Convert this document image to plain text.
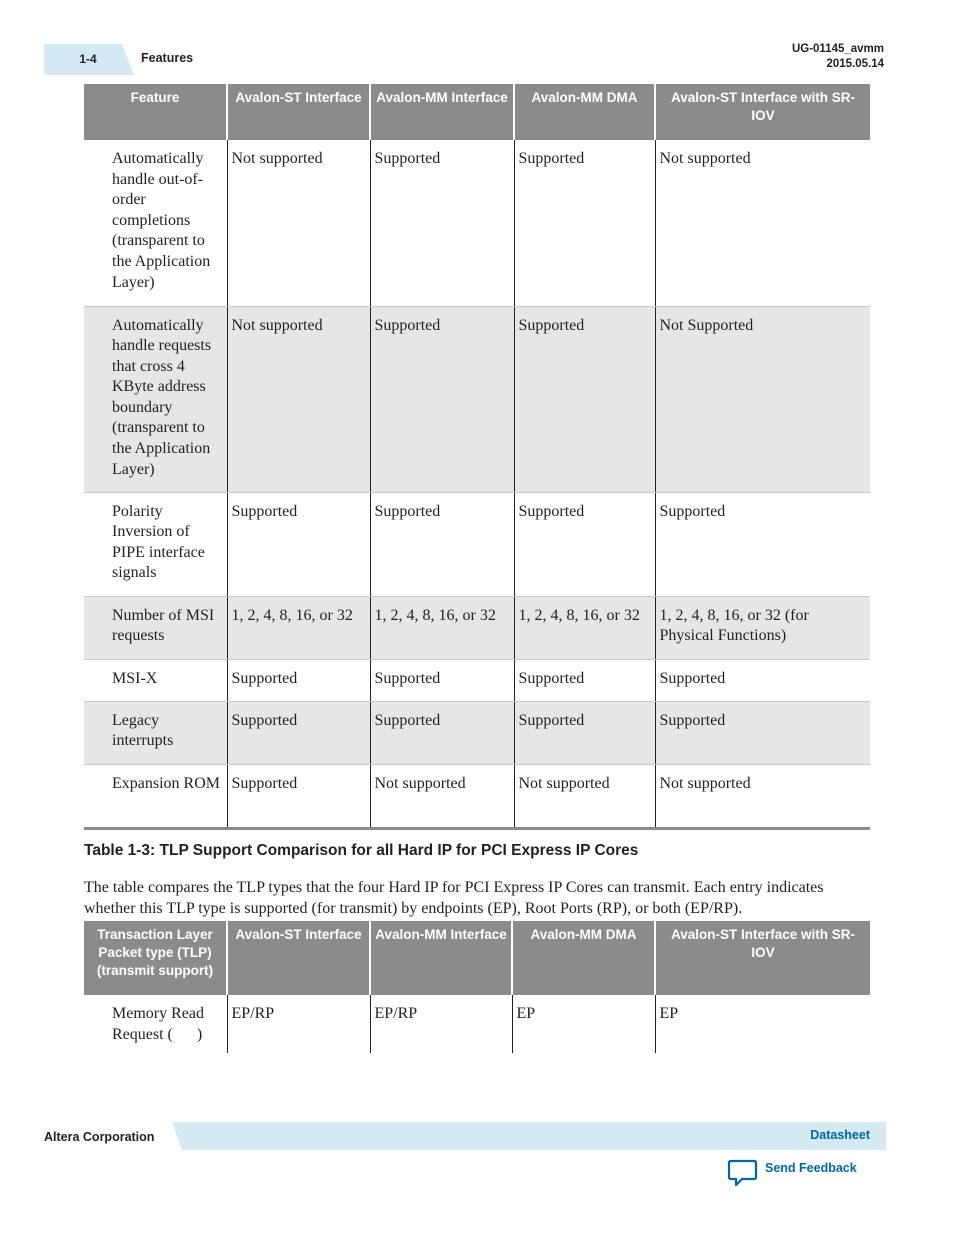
1-4	Features
UG-01145_avmm
2015.05.14
Feature	Avalon-ST Interface	Avalon-MM Interface	Avalon-MM DMA	Avalon-ST Interface with SR-IOV
Automatically handle out-of-order completions (transparent to the Application Layer)	Not supported	Supported	Supported	Not supported
Automatically handle requests that cross 4 KByte address boundary (transparent to the Application Layer)	Not supported	Supported	Supported	Not Supported
Polarity Inversion of PIPE interface signals	Supported	Supported	Supported	Supported
Number of MSI requests	1, 2, 4, 8, 16, or 32	1, 2, 4, 8, 16, or 32	1, 2, 4, 8, 16, or 32	1, 2, 4, 8, 16, or 32 (for Physical Functions)
MSI-X	Supported	Supported	Supported	Supported
Legacy interrupts	Supported	Supported	Supported	Supported
Expansion ROM	Supported	Not supported	Not supported	Not supported
Table 1-3: TLP Support Comparison for all Hard IP for PCI Express IP Cores
The table compares the TLP types that the four Hard IP for PCI Express IP Cores can transmit. Each entry indicates whether this TLP type is supported (for transmit) by endpoints (EP), Root Ports (RP), or both (EP/RP).
Transaction Layer Packet type (TLP) (transmit support)	Avalon-ST Interface	Avalon-MM Interface	Avalon-MM DMA	Avalon-ST Interface with SR-IOV
Memory Read Request (      )	EP/RP	EP/RP	EP	EP
Altera Corporation	Datasheet
Send Feedback
